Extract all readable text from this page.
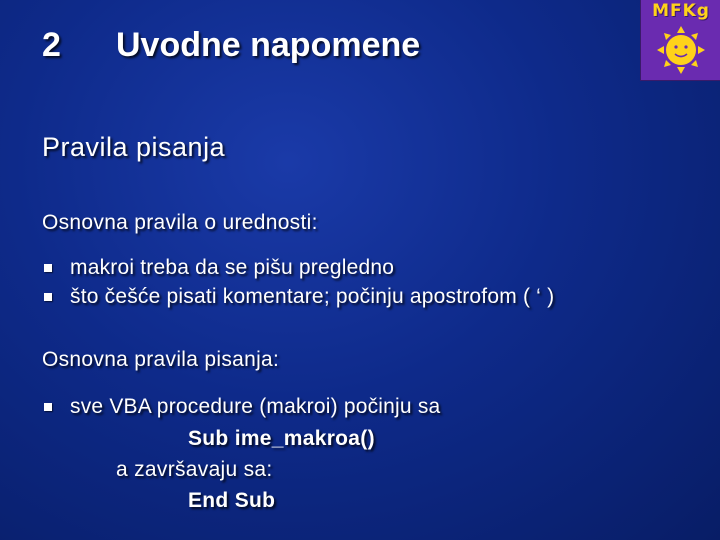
2 Uvodne napomene
MFKg
Pravila pisanja
Osnovna pravila o urednosti:
makroi treba da se pišu pregledno
što češće pisati komentare; počinju apostrofom ( ‘ )
Osnovna pravila pisanja:
sve VBA procedure (makroi) počinju sa
Sub ime_makroa()
a završavaju sa:
End Sub
